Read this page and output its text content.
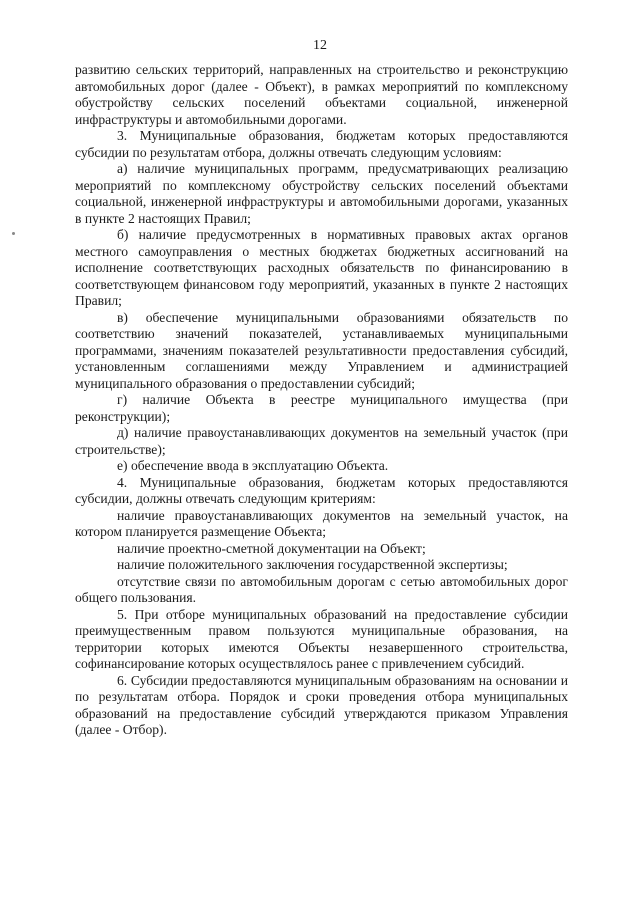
12

развитию сельских территорий, направленных на строительство и реконструкцию автомобильных дорог (далее - Объект), в рамках мероприятий по комплексному обустройству сельских поселений объектами социальной, инженерной инфраструктуры и автомобильными дорогами.

3. Муниципальные образования, бюджетам которых предоставляются субсидии по результатам отбора, должны отвечать следующим условиям:

а) наличие муниципальных программ, предусматривающих реализацию мероприятий по комплексному обустройству сельских поселений объектами социальной, инженерной инфраструктуры и автомобильными дорогами, указанных в пункте 2 настоящих Правил;

б) наличие предусмотренных в нормативных правовых актах органов местного самоуправления о местных бюджетах бюджетных ассигнований на исполнение соответствующих расходных обязательств по финансированию в соответствующем финансовом году мероприятий, указанных в пункте 2 настоящих Правил;

в) обеспечение муниципальными образованиями обязательств по соответствию значений показателей, устанавливаемых муниципальными программами, значениям показателей результативности предоставления субсидий, установленным соглашениями между Управлением и администрацией муниципального образования о предоставлении субсидий;

г) наличие Объекта в реестре муниципального имущества (при реконструкции);

д) наличие правоустанавливающих документов на земельный участок (при строительстве);

е) обеспечение ввода в эксплуатацию Объекта.

4. Муниципальные образования, бюджетам которых предоставляются субсидии, должны отвечать следующим критериям:

наличие правоустанавливающих документов на земельный участок, на котором планируется размещение Объекта;

наличие проектно-сметной документации на Объект;

наличие положительного заключения государственной экспертизы;

отсутствие связи по автомобильным дорогам с сетью автомобильных дорог общего пользования.

5. При отборе муниципальных образований на предоставление субсидии преимущественным правом пользуются муниципальные образования, на территории которых имеются Объекты незавершенного строительства, софинансирование которых осуществлялось ранее с привлечением субсидий.

6. Субсидии предоставляются муниципальным образованиям на основании и по результатам отбора. Порядок и сроки проведения отбора муниципальных образований на предоставление субсидий утверждаются приказом Управления (далее - Отбор).
